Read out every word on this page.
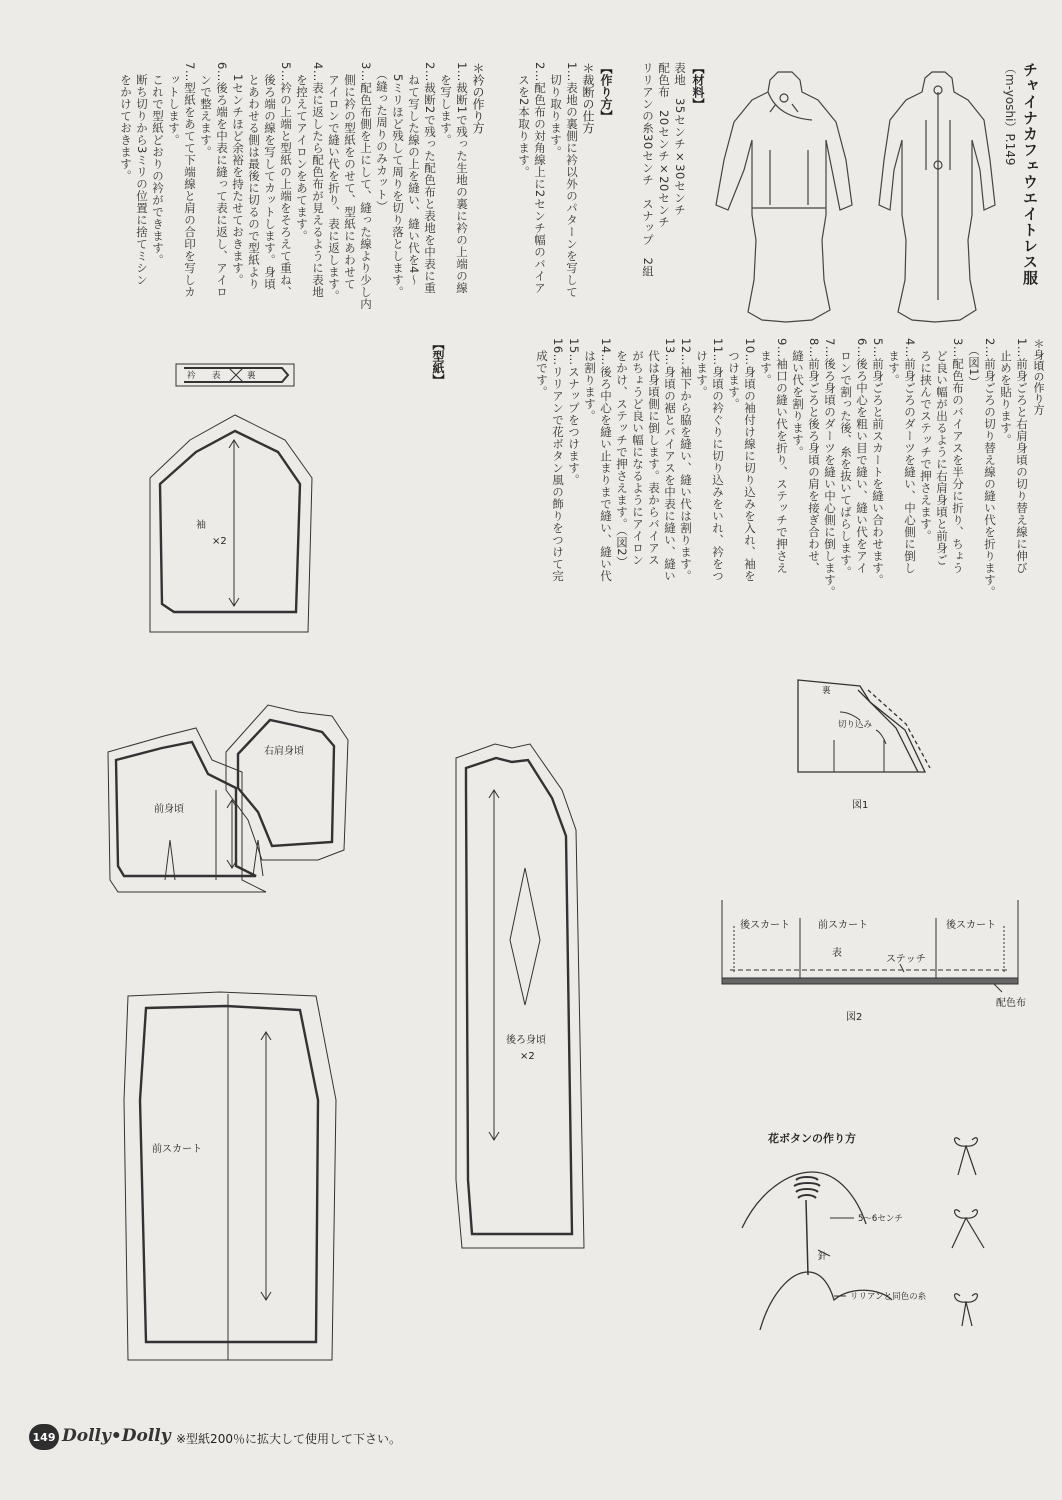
チャイナカフェウエイトレス服
（m-yoshi）P.149
【材料】
表地　35センチ×30センチ
配色布　20センチ×20センチ
リリアンの糸30センチ　スナップ　2組
【作り方】
＊裁断の仕方
1…表地の裏側に衿以外のパターンを写して
　切り取ります。
2…配色布の対角線上に2センチ幅のバイア
　スを2本取ります。
＊衿の作り方
1…裁断1で残った生地の裏に衿の上端の線
　を写します。
2…裁断2で残った配色布と表地を中表に重
　ねて写した線の上を縫い、縫い代を4～
　5ミリほど残して周りを切り落とします。
　（縫った周りのみカット）
3…配色布側を上にして、縫った線より少し内
　側に衿の型紙をのせて、型紙にあわせて
　アイロンで縫い代を折り、表に返します。
4…表に返したら配色布が見えるように表地
　を控えてアイロンをあてます。
5…衿の上端と型紙の上端をそろえて重ね、
　後ろ端の線を写してカットします。身頃
　とあわせる側は最後に切るので型紙より
　1センチほど余裕を持たせておきます。
6…後ろ端を中表に縫って表に返し、アイロ
　ンで整えます。
7…型紙をあてて下端線と肩の合印を写しカ
　ットします。
　これで型紙どおりの衿ができます。
　断ち切りから3ミリの位置に捨てミシン
　をかけておきます。
＊身頃の作り方
1…前身ごろと右肩身頃の切り替え線に伸び
　止めを貼ります。
2…前身ごろの切り替え線の縫い代を折ります。
　（図1）
3…配色布のバイアスを半分に折り、ちょう
　ど良い幅が出るように右肩身頃と前身ご
　ろに挟んでステッチで押さえます。
4…前身ごろのダーツを縫い、中心側に倒し
　ます。
5…前身ごろと前スカートを縫い合わせます。
6…後ろ中心を粗い目で縫い、縫い代をアイ
　ロンで割った後、糸を抜いてばらします。
7…後ろ身頃のダーツを縫い中心側に倒します。
8…前身ごろと後ろ身頃の肩を接ぎ合わせ、
　縫い代を割ります。
9…袖口の縫い代を折り、ステッチで押さえ
　ます。
10…身頃の袖付け線に切り込みを入れ、袖を
　つけます。
11…身頃の衿ぐりに切り込みをいれ、衿をつ
　けます。
12…袖下から脇を縫い、縫い代は割ります。
13…身頃の裾とバイアスを中表に縫い、縫い
　代は身頃側に倒します。表からバイアス
　がちょうど良い幅になるようにアイロン
　をかけ、ステッチで押さえます。（図2）
14…後ろ中心を縫い止まりまで縫い、縫い代
　は割ります。
15…スナップをつけます。
16…リリアンで花ボタン風の飾りをつけて完
　成です。
【型紙】
衿 表	裏
袖
×2
右肩身頃
前身頃
後ろ身頃
×2
前スカート
裏
切り込み
図1
後スカート	前スカート	後スカート
表
ステッチ
配色布
図2
花ボタンの作り方
5～6センチ
針
リリアンと同色の糸
149 Dolly•Dolly ※型紙200％に拡大して使用して下さい。
